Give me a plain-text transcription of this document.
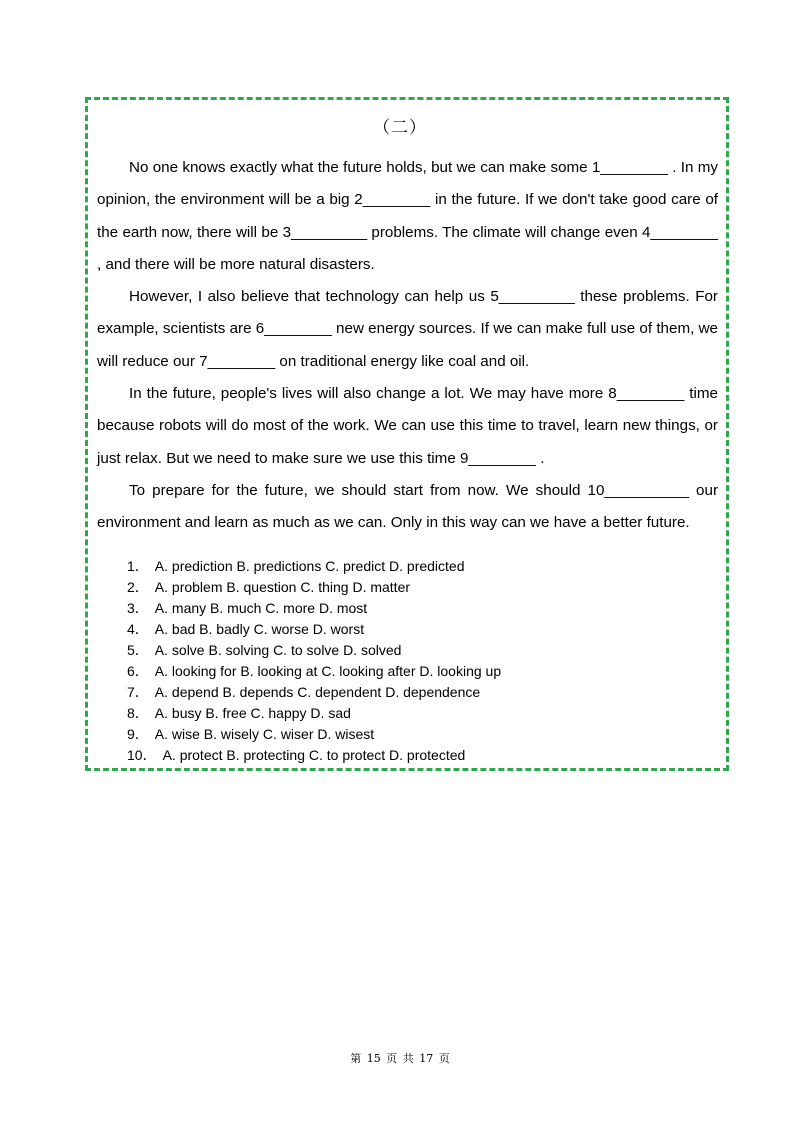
（二）

No one knows exactly what the future holds, but we can make some 1________ . In my opinion, the environment will be a big 2________ in the future. If we don't take good care of the earth now, there will be 3_________ problems. The climate will change even 4________ , and there will be more natural disasters.

However, I also believe that technology can help us 5_________ these problems. For example, scientists are 6________ new energy sources. If we can make full use of them, we will reduce our 7________ on traditional energy like coal and oil.

In the future, people's lives will also change a lot. We may have more 8________ time because robots will do most of the work. We can use this time to travel, learn new things, or just relax. But we need to make sure we use this time 9________ .

To prepare for the future, we should start from now. We should 10__________ our environment and learn as much as we can. Only in this way can we have a better future.

1． A. prediction B. predictions C. predict D. predicted
2． A. problem B. question C. thing D. matter
3． A. many B. much C. more D. most
4． A. bad B. badly C. worse D. worst
5． A. solve B. solving C. to solve D. solved
6． A. looking for B. looking at C. looking after D. looking up
7． A. depend B. depends C. dependent D. dependence
8． A. busy B. free C. happy D. sad
9． A. wise B. wisely C. wiser D. wisest
10． A. protect B. protecting C. to protect D. protected
第 15 页 共 17 页
